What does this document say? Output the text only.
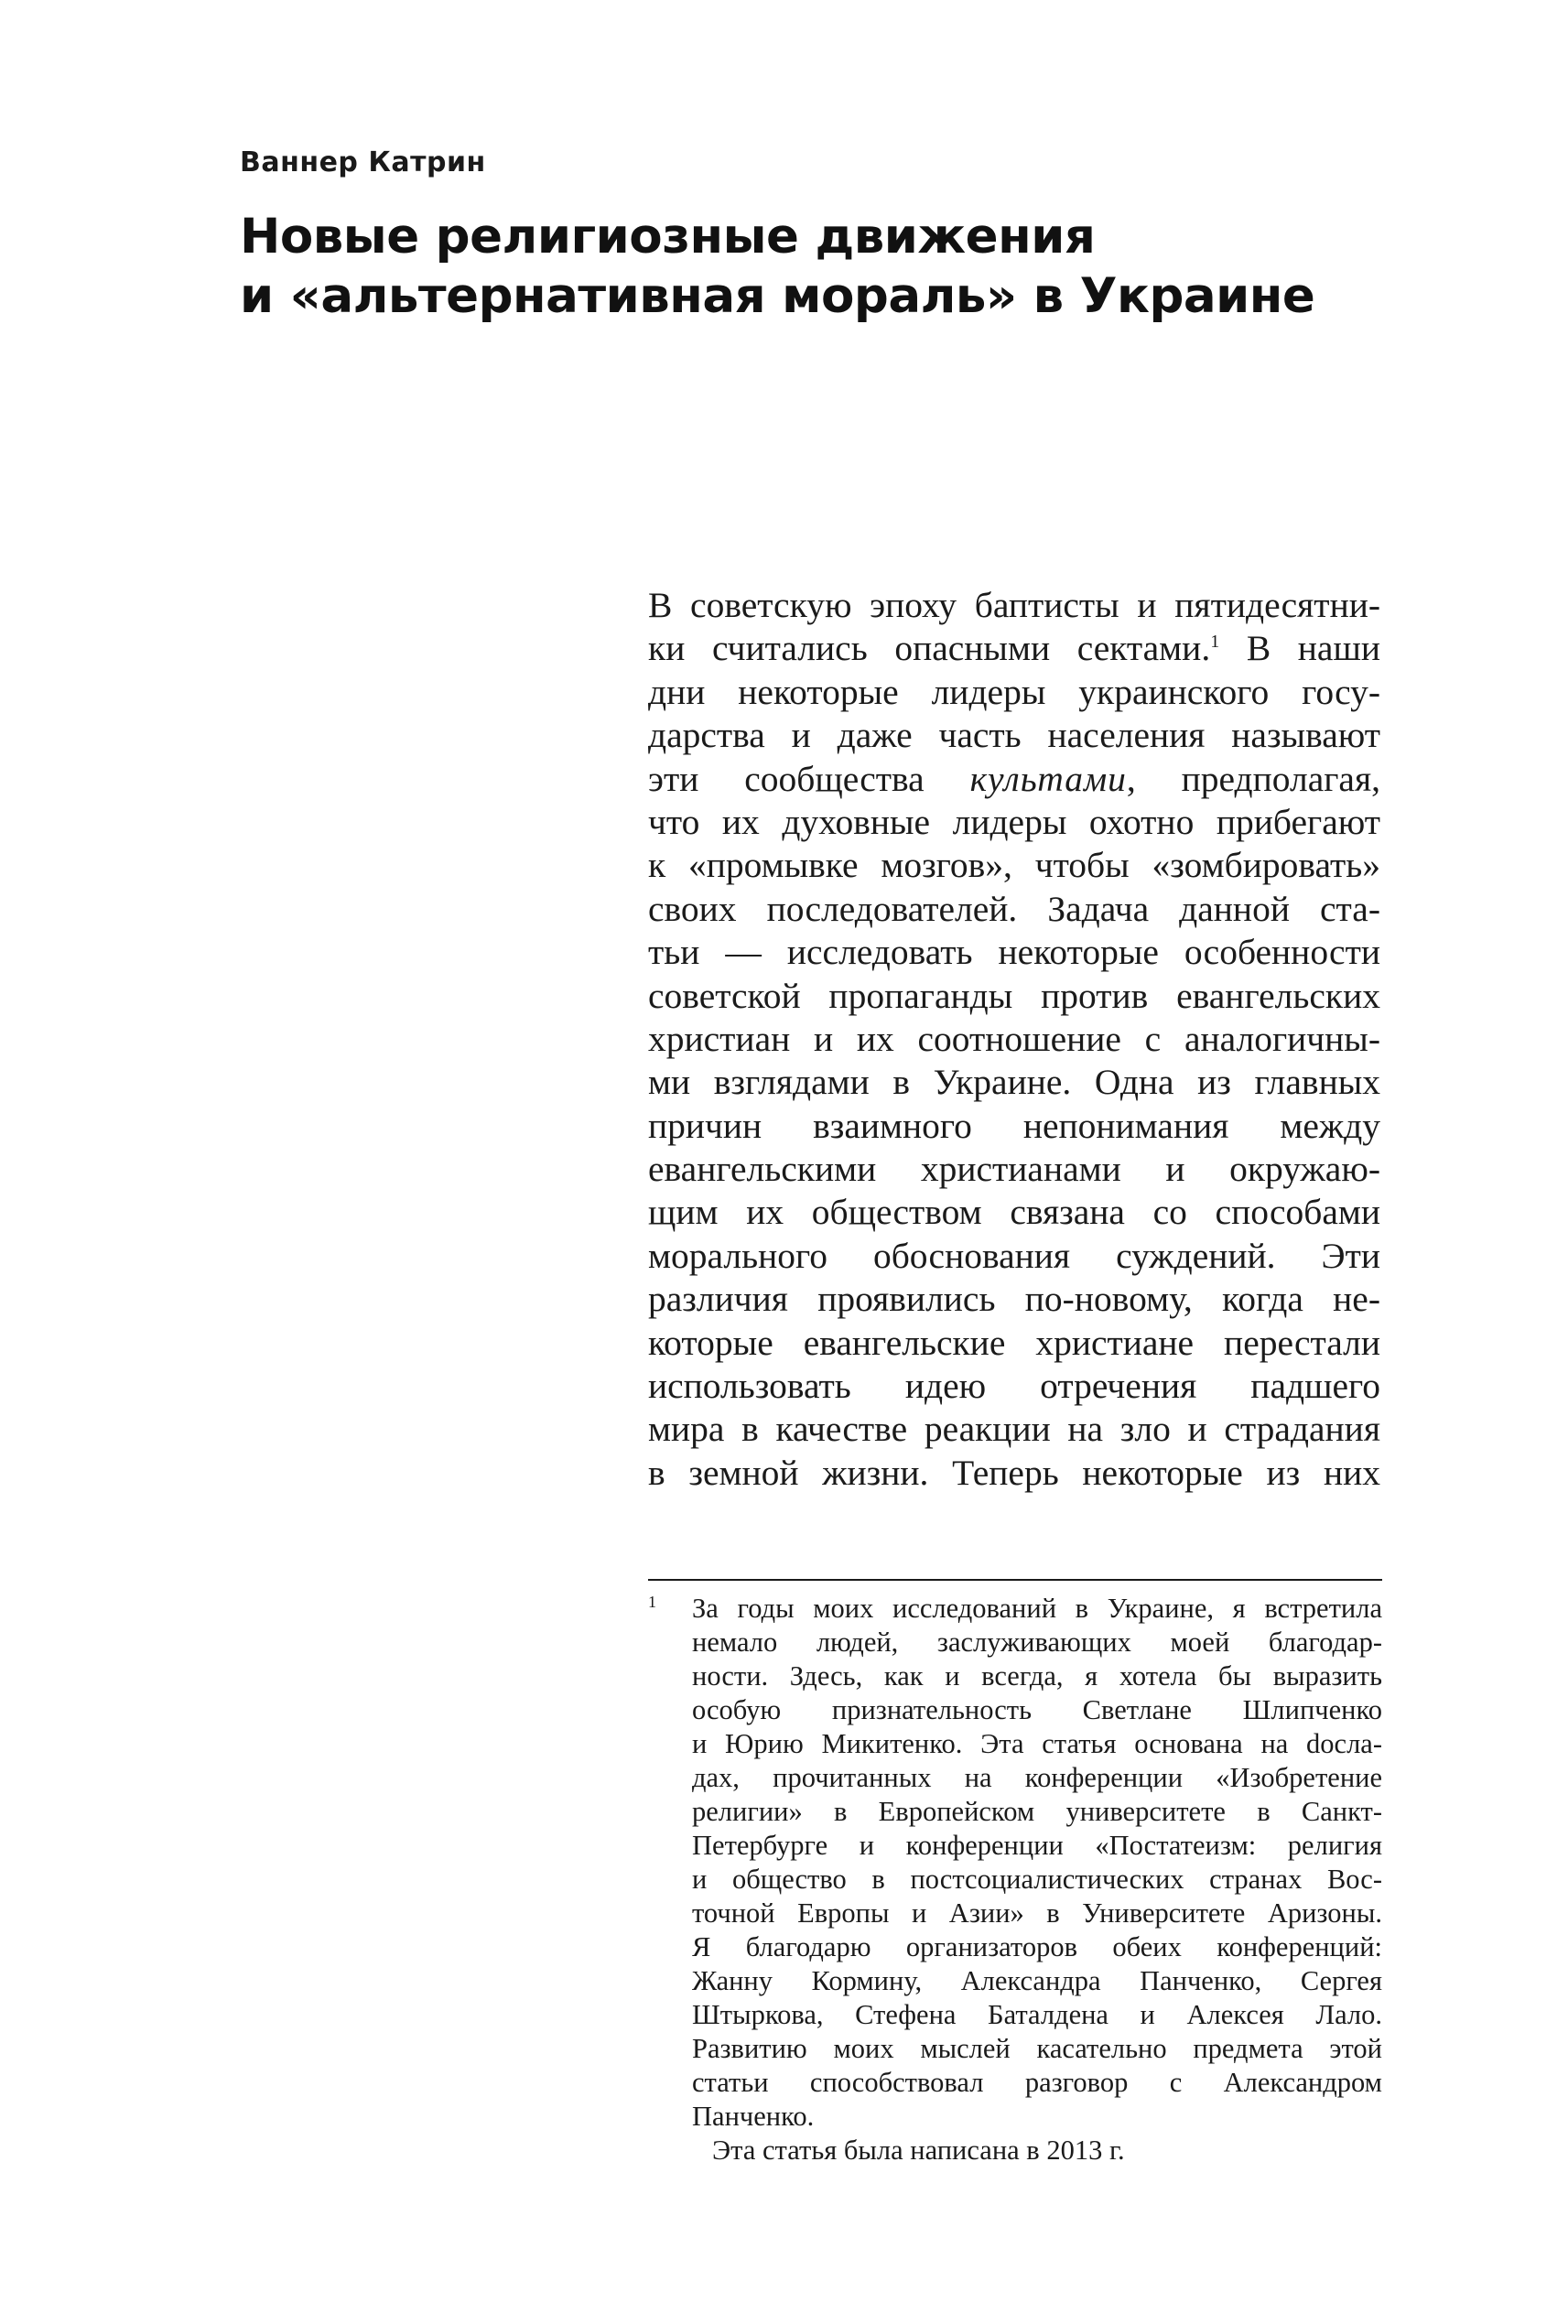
Ваннер Катрин
Новые религиозные движения
и «альтернативная мораль» в Украине
В советскую эпоху баптисты и пятидесятни-
ки считались опасными сектами.$^1$ В наши
дни некоторые лидеры украинского госу-
дарства и даже часть населения называют
эти сообщества культами, предполагая,
что их духовные лидеры охотно прибегают
к «промывке мозгов», чтобы «зомбировать»
своих последователей. Задача данной ста-
тьи — исследовать некоторые особенности
советской пропаганды против евангельских
христиан и их соотношение с аналогичны-
ми взглядами в Украине. Одна из главных
причин взаимного непонимания между
евангельскими христианами и окружаю-
щим их обществом связана со способами
морального обоснования суждений. Эти
различия проявились по-новому, когда не-
которые евангельские христиане перестали
использовать идею отречения падшего
мира в качестве реакции на зло и страдания
в земной жизни. Теперь некоторые из них
1 За годы моих исследований в Украине, я встретила
немало людей, заслуживающих моей благодар-
ности. Здесь, как и всегда, я хотела бы выразить
особую признательность Светлане Шлипченко
и Юрию Микитенко. Эта статья основана на docла-
дах, прочитанных на конференции «Изобретение
религии» в Европейском университете в Санкт-
Петербурге и конференции «Постатеизм: религия
и общество в постсоциалистических странах Вос-
точной Европы и Азии» в Университете Аризоны.
Я благодарю организаторов обеих конференций:
Жанну Кормину, Александра Панченко, Сергея
Штыркова, Стефена Баталдена и Алексея Лало.
Развитию моих мыслей касательно предмета этой
статьи способствовал разговор с Александром
Панченко.
Эта статья была написана в 2013 г.
